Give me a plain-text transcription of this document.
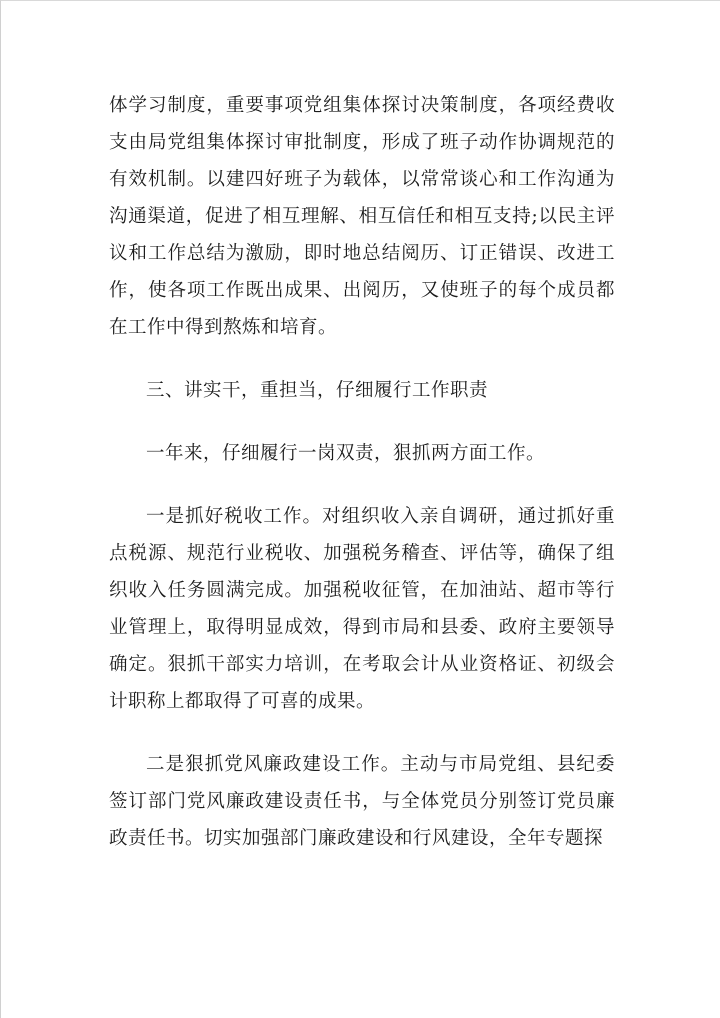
体学习制度，重要事项党组集体探讨决策制度，各项经费收支由局党组集体探讨审批制度，形成了班子动作协调规范的有效机制。以建四好班子为载体，以常常谈心和工作沟通为沟通渠道，促进了相互理解、相互信任和相互支持;以民主评议和工作总结为激励，即时地总结阅历、订正错误、改进工作，使各项工作既出成果、出阅历，又使班子的每个成员都在工作中得到熬炼和培育。

三、讲实干，重担当，仔细履行工作职责

一年来，仔细履行一岗双责，狠抓两方面工作。

一是抓好税收工作。对组织收入亲自调研，通过抓好重点税源、规范行业税收、加强税务稽查、评估等，确保了组织收入任务圆满完成。加强税收征管，在加油站、超市等行业管理上，取得明显成效，得到市局和县委、政府主要领导确定。狠抓干部实力培训，在考取会计从业资格证、初级会计职称上都取得了可喜的成果。

二是狠抓党风廉政建设工作。主动与市局党组、县纪委签订部门党风廉政建设责任书，与全体党员分别签订党员廉政责任书。切实加强部门廉政建设和行风建设，全年专题探
